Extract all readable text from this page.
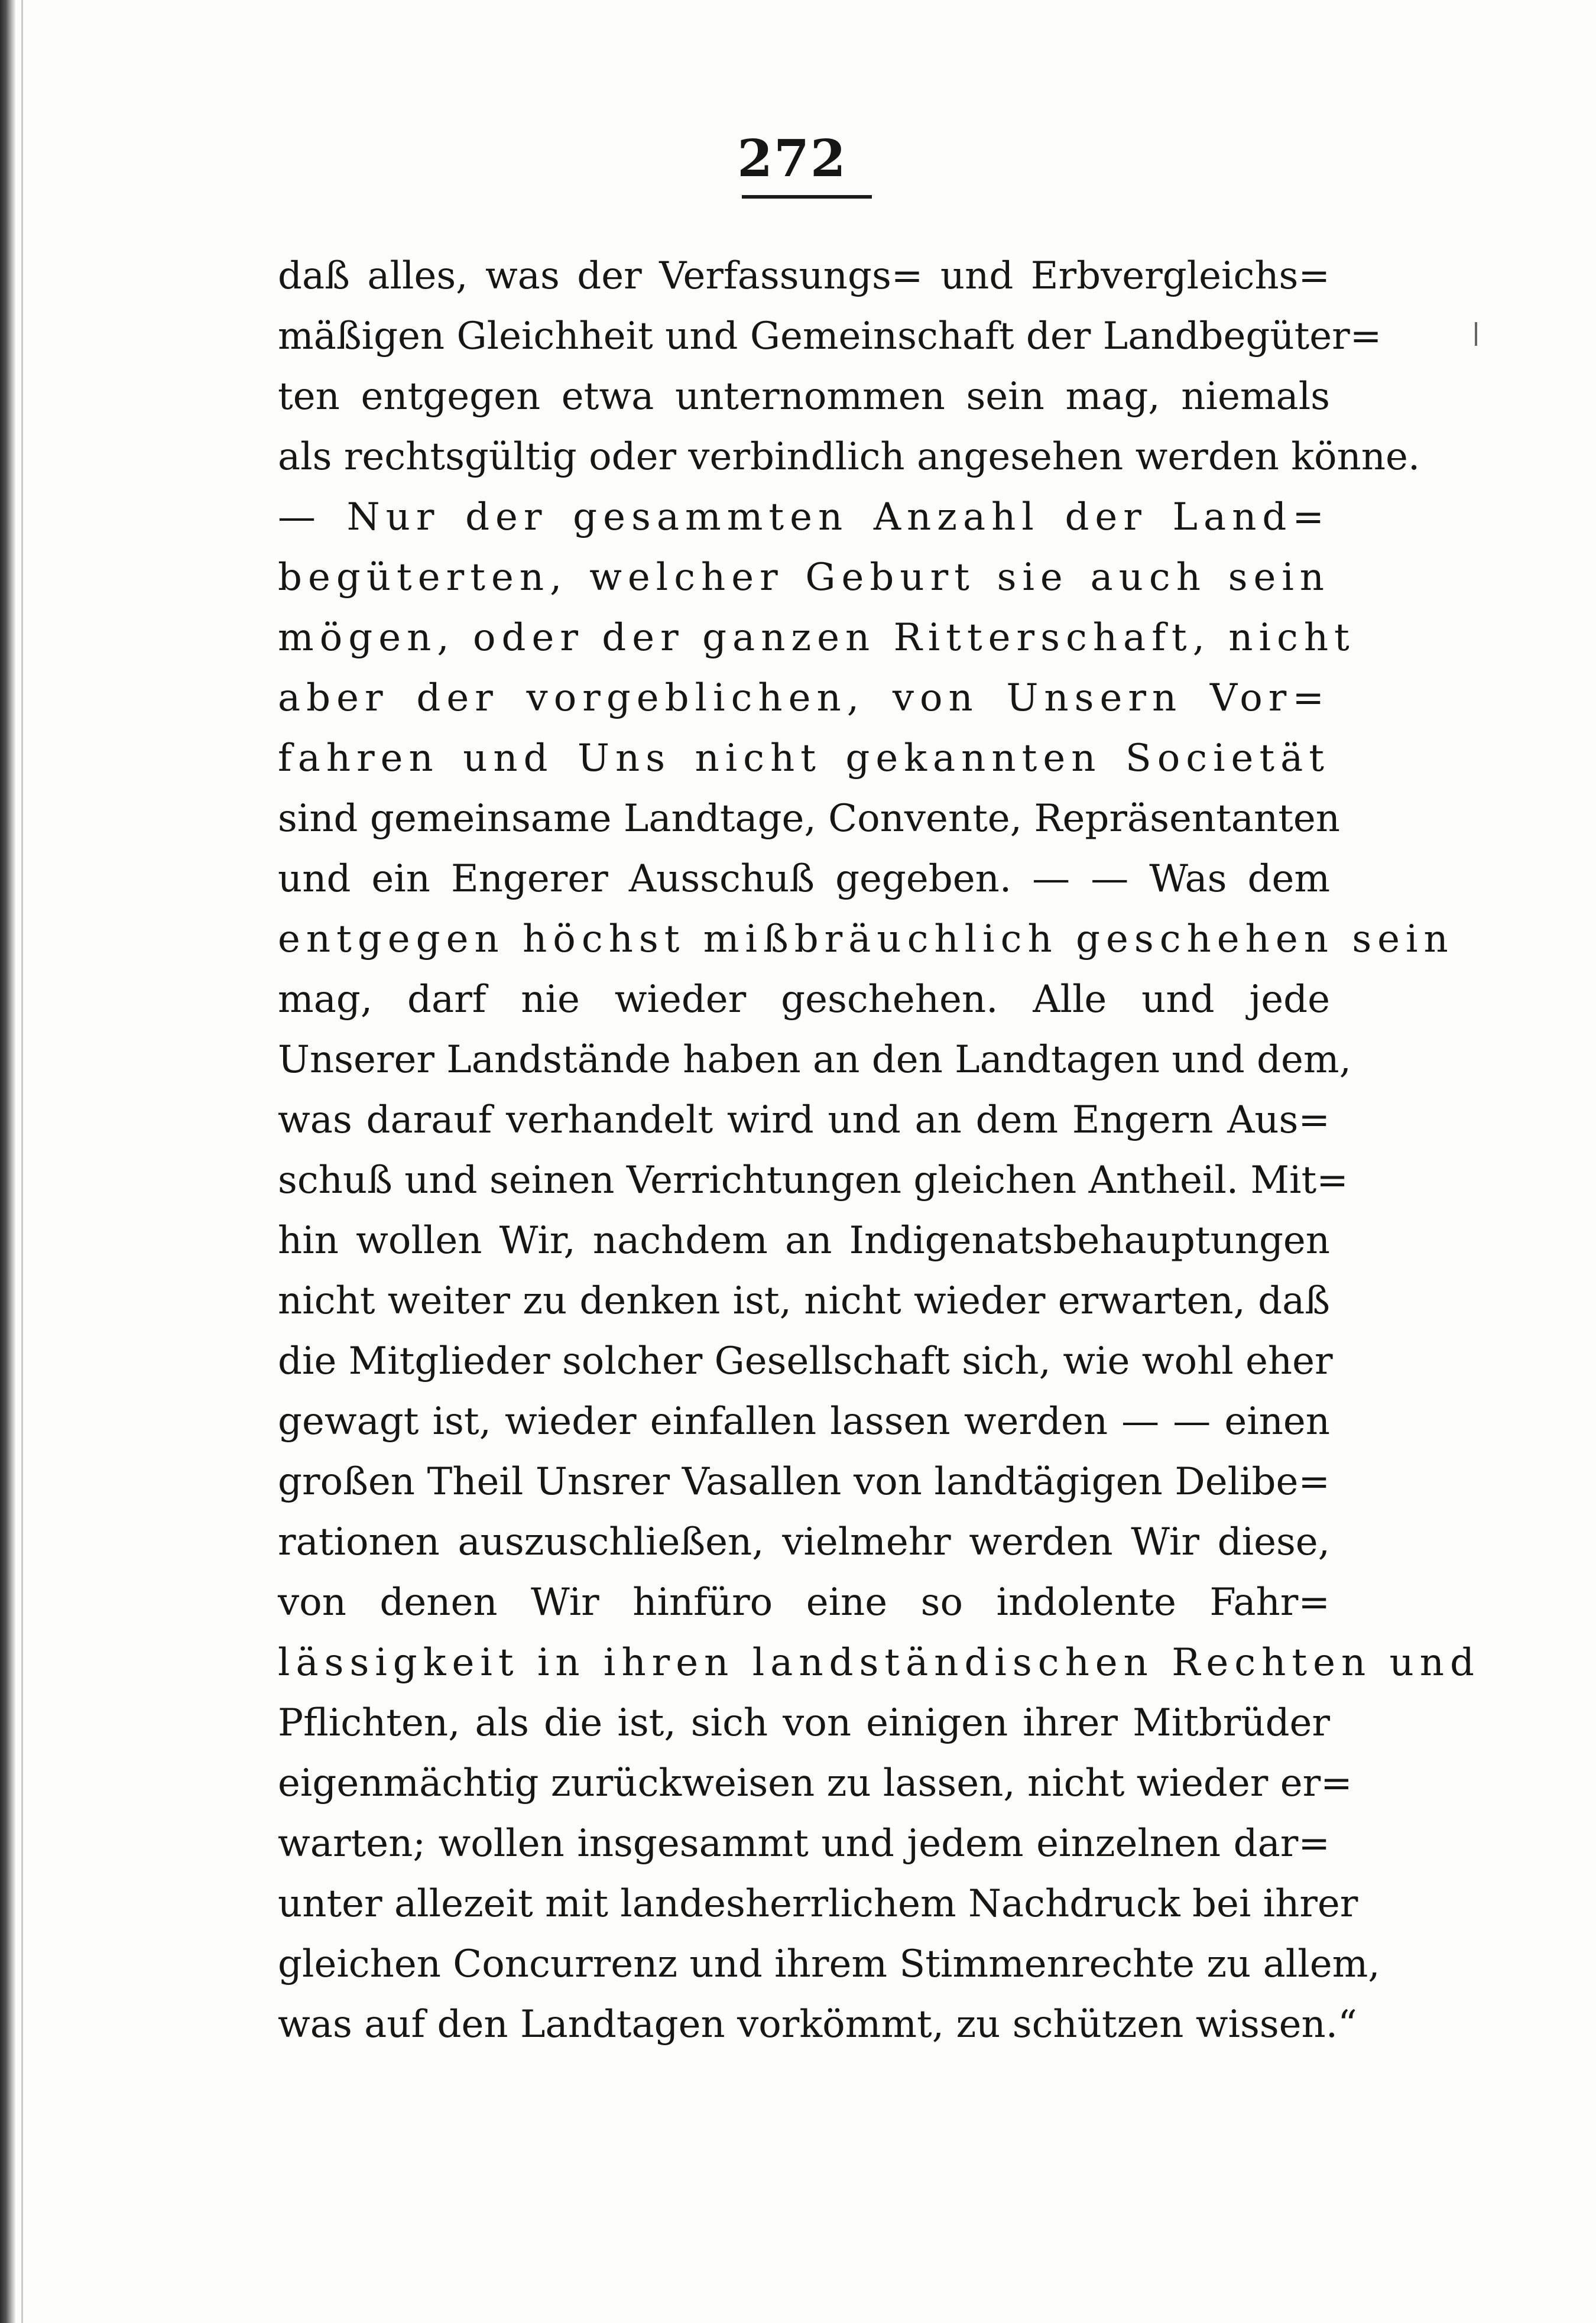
272
daß alles, was der Verfassungs= und Erbvergleichs=
mäßigen Gleichheit und Gemeinschaft der Landbegüter=
ten entgegen etwa unternommen sein mag, niemals
als rechtsgültig oder verbindlich angesehen werden könne.
— Nur der gesammten Anzahl der Land=
begüterten, welcher Geburt sie auch sein
mögen, oder der ganzen Ritterschaft, nicht
aber der vorgeblichen, von Unsern Vor=
fahren und Uns nicht gekannten Societät
sind gemeinsame Landtage, Convente, Repräsentanten
und ein Engerer Ausschuß gegeben. — — Was dem
entgegen höchst mißbräuchlich geschehen sein
mag, darf nie wieder geschehen. Alle und jede
Unserer Landstände haben an den Landtagen und dem,
was darauf verhandelt wird und an dem Engern Aus=
schuß und seinen Verrichtungen gleichen Antheil. Mit=
hin wollen Wir, nachdem an Indigenatsbehauptungen
nicht weiter zu denken ist, nicht wieder erwarten, daß
die Mitglieder solcher Gesellschaft sich, wie wohl eher
gewagt ist, wieder einfallen lassen werden — — einen
großen Theil Unsrer Vasallen von landtägigen Delibe=
rationen auszuschließen, vielmehr werden Wir diese,
von denen Wir hinfüro eine so indolente Fahr=
lässigkeit in ihren landständischen Rechten und
Pflichten, als die ist, sich von einigen ihrer Mitbrüder
eigenmächtig zurückweisen zu lassen, nicht wieder er=
warten; wollen insgesammt und jedem einzelnen dar=
unter allezeit mit landesherrlichem Nachdruck bei ihrer
gleichen Concurrenz und ihrem Stimmenrechte zu allem,
was auf den Landtagen vorkömmt, zu schützen wissen.“
